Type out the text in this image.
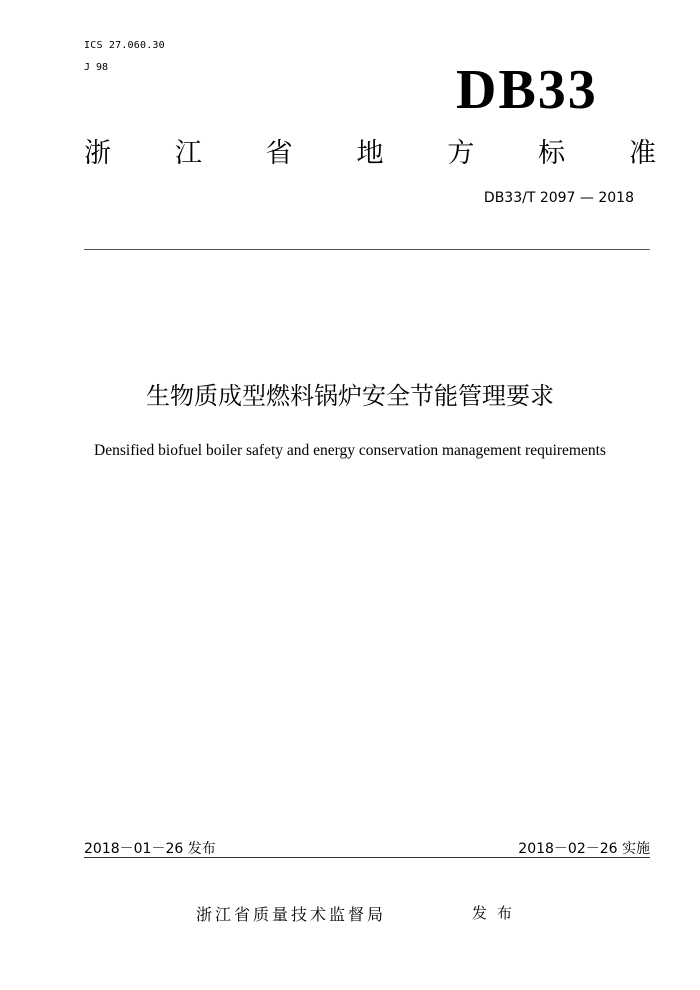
ICS 27.060.30
J 98	DB33
浙 江 省 地 方 标 准
DB33/T 2097 — 2018
生物质成型燃料锅炉安全节能管理要求
Densified biofuel boiler safety and energy conservation management requirements
2018－01－26 发布	2018－02－26 实施
浙江省质量技术监督局	发布
